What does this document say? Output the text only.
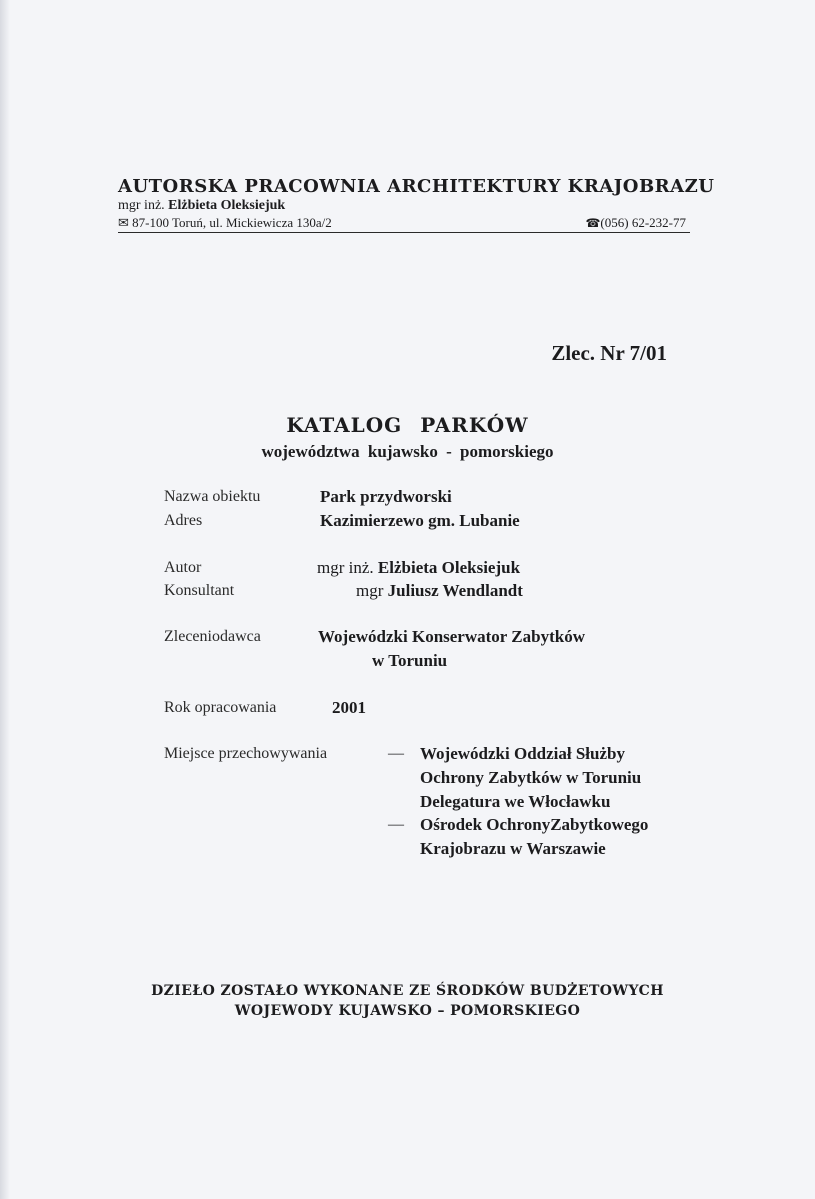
AUTORSKA PRACOWNIA ARCHITEKTURY KRAJOBRAZU
mgr inż. Elżbieta Oleksiejuk
✉ 87-100 Toruń, ul. Mickiewicza 130a/2	☎(056) 62-232-77
Zlec. Nr 7/01
KATALOG PARKÓW
województwa kujawsko - pomorskiego
Nazwa obiektu	Park przydworski
Adres	Kazimierzewo gm. Lubanie
Autor	mgr inż. Elżbieta Oleksiejuk
Konsultant	mgr Juliusz Wendlandt
Zleceniodawca	Wojewódzki Konserwator Zabytków
w Toruniu
Rok opracowania	2001
Miejsce przechowywania	— Wojewódzki Oddział Służby
Ochrony Zabytków w Toruniu
Delegatura we Włocławku
— Ośrodek OchronyZabytkowego
Krajobrazu w Warszawie
DZIEŁO ZOSTAŁO WYKONANE ZE ŚRODKÓW BUDŻETOWYCH
WOJEWODY KUJAWSKO – POMORSKIEGO
